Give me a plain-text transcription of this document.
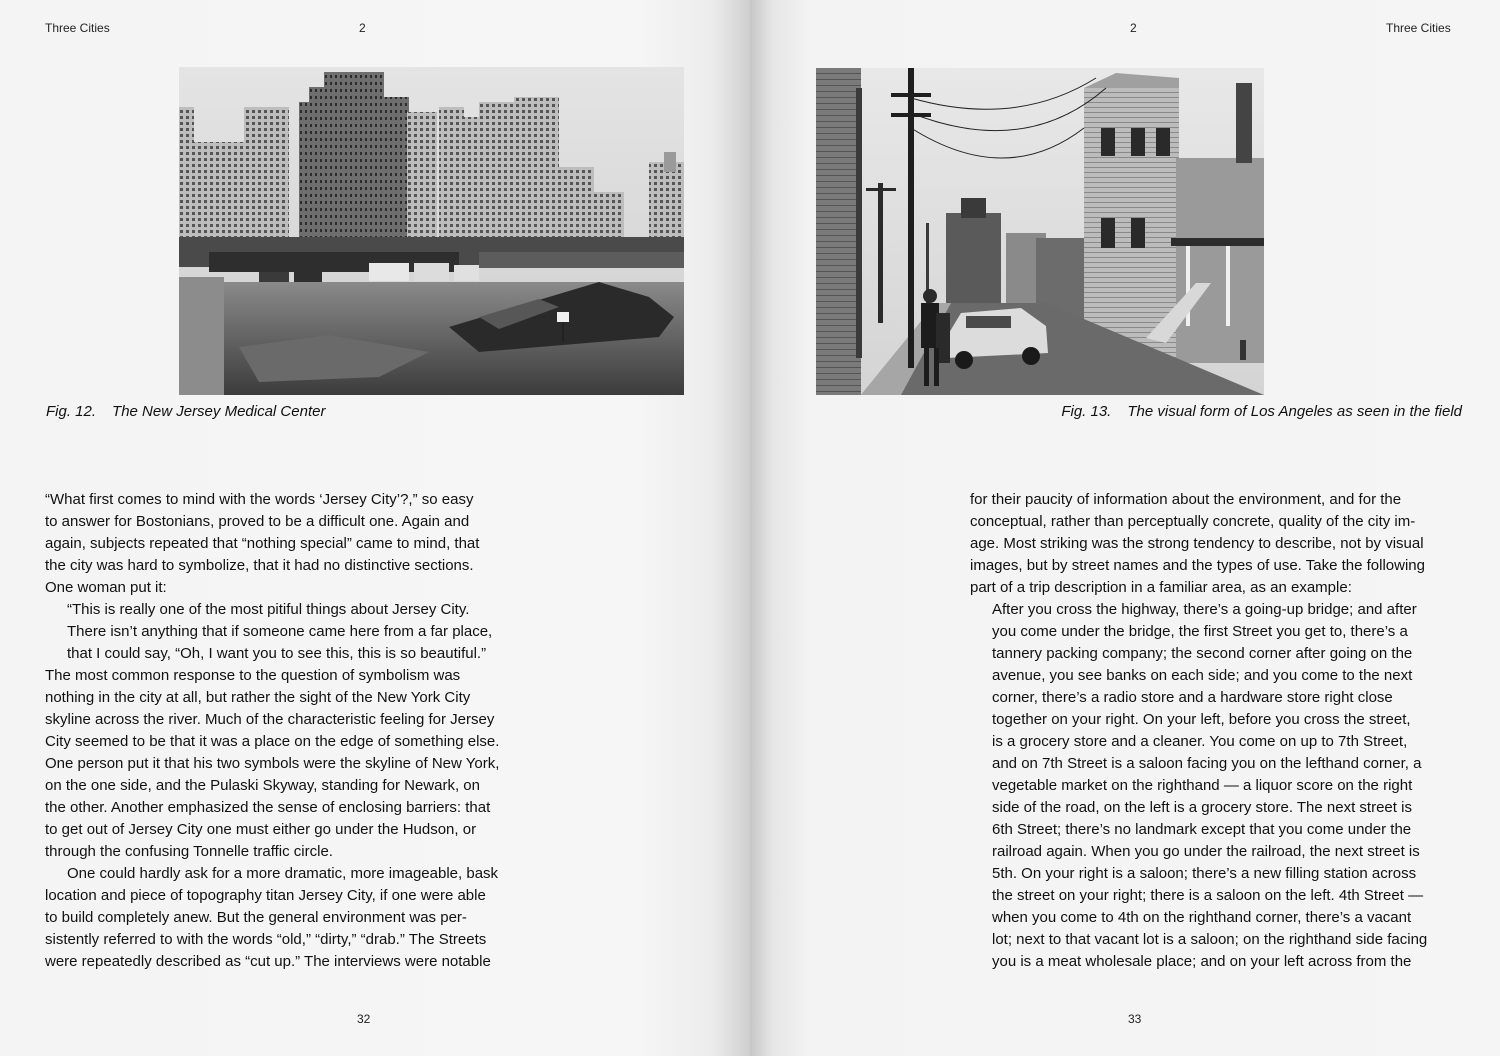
Three Cities	2
Fig. 12. The New Jersey Medical Center
“What first comes to mind with the words ‘Jersey City’?,” so easy
to answer for Bostonians, proved to be a difficult one. Again and
again, subjects repeated that “nothing special” came to mind, that
the city was hard to symbolize, that it had no distinctive sections.
One woman put it:
“This is really one of the most pitiful things about Jersey City.
There isn’t anything that if someone came here from a far place,
that I could say, “Oh, I want you to see this, this is so beautiful.”
The most common response to the question of symbolism was
nothing in the city at all, but rather the sight of the New York City
skyline across the river. Much of the characteristic feeling for Jersey
City seemed to be that it was a place on the edge of something else.
One person put it that his two symbols were the skyline of New York,
on the one side, and the Pulaski Skyway, standing for Newark, on
the other. Another emphasized the sense of enclosing barriers: that
to get out of Jersey City one must either go under the Hudson, or
through the confusing Tonnelle traffic circle.
One could hardly ask for a more dramatic, more imageable, bask
location and piece of topography titan Jersey City, if one were able
to build completely anew. But the general environment was per-
sistently referred to with the words “old,” “dirty,” “drab.” The Streets
were repeatedly described as “cut up.” The interviews were notable
32
2	Three Cities
Fig. 13. The visual form of Los Angeles as seen in the field
for their paucity of information about the environment, and for the
conceptual, rather than perceptually concrete, quality of the city im-
age. Most striking was the strong tendency to describe, not by visual
images, but by street names and the types of use. Take the following
part of a trip description in a familiar area, as an example:
After you cross the highway, there’s a going-up bridge; and after
you come under the bridge, the first Street you get to, there’s a
tannery packing company; the second corner after going on the
avenue, you see banks on each side; and you come to the next
corner, there’s a radio store and a hardware store right close
together on your right. On your left, before you cross the street,
is a grocery store and a cleaner. You come on up to 7th Street,
and on 7th Street is a saloon facing you on the lefthand corner, a
vegetable market on the righthand — a liquor score on the right
side of the road, on the left is a grocery store. The next street is
6th Street; there’s no landmark except that you come under the
railroad again. When you go under the railroad, the next street is
5th. On your right is a saloon; there’s a new filling station across
the street on your right; there is a saloon on the left. 4th Street —
when you come to 4th on the righthand corner, there’s a vacant
lot; next to that vacant lot is a saloon; on the righthand side facing
you is a meat wholesale place; and on your left across from the
33
